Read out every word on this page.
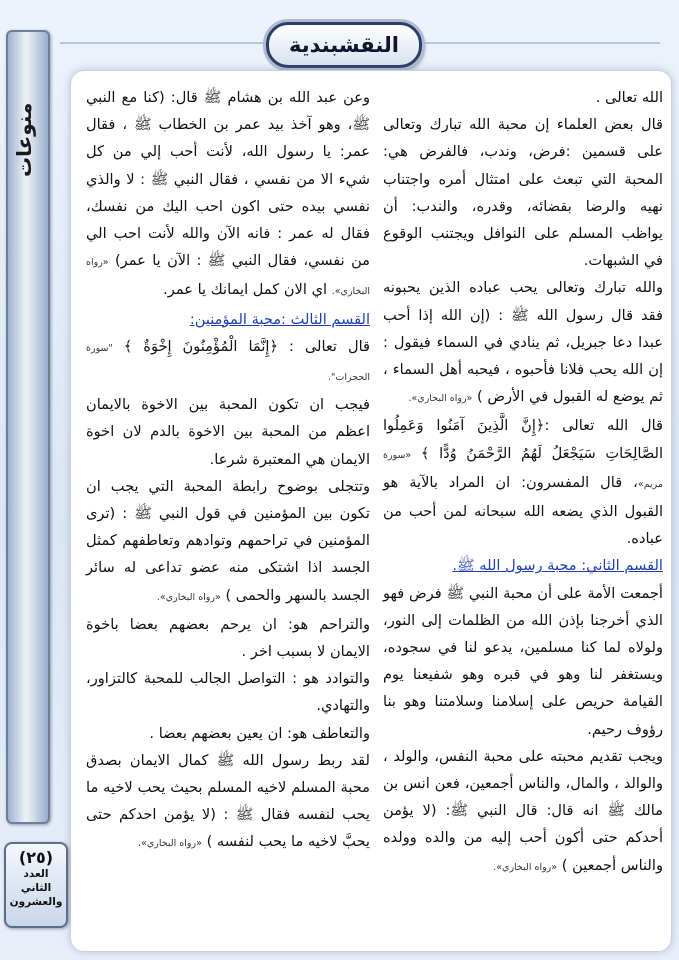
منوعات
النقشبندية

الله تعالى .

قال بعض العلماء إن محبة الله تبارك وتعالى على قسمين :فرض، وندب، فالفرض هي: المحبة التي تبعث على امتثال أمره واجتناب نهيه والرضا بقضائه، وقدره، والندب: أن يواظب المسلم على النوافل ويجتنب الوقوع في الشبهات.

والله تبارك وتعالى يحب عباده الذين يحبونه فقد قال رسول الله ﷺ : (إن الله إذا أحب عبدا دعا جبريل، ثم ينادي في السماء فيقول : إن الله يحب فلانا فأحبوه ، فيحبه أهل السماء ، ثم يوضع له القبول في الأرض ) «رواه البخاري».

قال الله تعالى :﴿إِنَّ الَّذِينَ آمَنُوا وَعَمِلُوا الصَّالِحَاتِ سَيَجْعَلُ لَهُمُ الرَّحْمَنُ وُدًّا ﴾ «سورة مريم»، قال المفسرون: ان المراد بالآية هو القبول الذي يضعه الله سبحانه لمن أحب من عباده.

القسم الثاني: محبة رسول الله ﷺ.

أجمعت الأمة على أن محبة النبي ﷺ فرض فهو الذي أخرجنا بإذن الله من الظلمات إلى النور، ولولاه لما كنا مسلمين، يدعو لنا في سجوده، ويستغفر لنا وهو في قبره وهو شفيعنا يوم القيامة حريص على إسلامنا وسلامتنا وهو بنا رؤوف رحيم.

ويجب تقديم محبته على محبة النفس، والولد ، والوالد ، والمال، والناس أجمعين، فعن انس بن مالك ﷺ انه قال: قال النبي ﷺ: (لا يؤمن أحدكم حتى أكون أحب إليه من والده وولده والناس أجمعين ) «رواه البخاري».

وعن عبد الله بن هشام ﷺ قال: (كنا مع النبي ﷺ، وهو آخذ بيد عمر بن الخطاب ﷺ ، فقال عمر: يا رسول الله، لأنت أحب إلي من كل شيء الا من نفسي ، فقال النبي ﷺ : لا والذي نفسي بيده حتى اكون احب اليك من نفسك، فقال له عمر : فانه الآن والله لأنت احب الي من نفسي، فقال النبي ﷺ : الآن يا عمر) «رواه البخاري». اي الان كمل ايمانك يا عمر.

القسم الثالث :محبة المؤمنين:

قال تعالى : ﴿إِنَّمَا الْمُؤْمِنُونَ إِخْوَةٌ ﴾ "سورة الحجرات".

فيجب ان تكون المحبة بين الاخوة بالايمان اعظم من المحبة بين الاخوة بالدم لان اخوة الايمان هي المعتبرة شرعا.

وتتجلى بوضوح رابطة المحبة التي يجب ان تكون بين المؤمنين في قول النبي ﷺ : (ترى المؤمنين في تراحمهم وتوادهم وتعاطفهم كمثل الجسد اذا اشتكى منه عضو تداعى له سائر الجسد بالسهر والحمى ) «رواه البخاري».

والتراحم هو: ان يرحم بعضهم بعضا باخوة الايمان لا بسبب اخر .

والتوادد هو : التواصل الجالب للمحبة كالتزاور، والتهادي.

والتعاطف هو: ان يعين بعضهم بعضا .

لقد ربط رسول الله ﷺ كمال الايمان بصدق محبة المسلم لاخيه المسلم بحيث يحب لاخيه ما يحب لنفسه فقال ﷺ : (لا يؤمن احدكم حتى يحبَّ لاخيه ما يحب لنفسه ) «رواه البخاري».

(٢٥)
العدد
الثاني
والعشرون
